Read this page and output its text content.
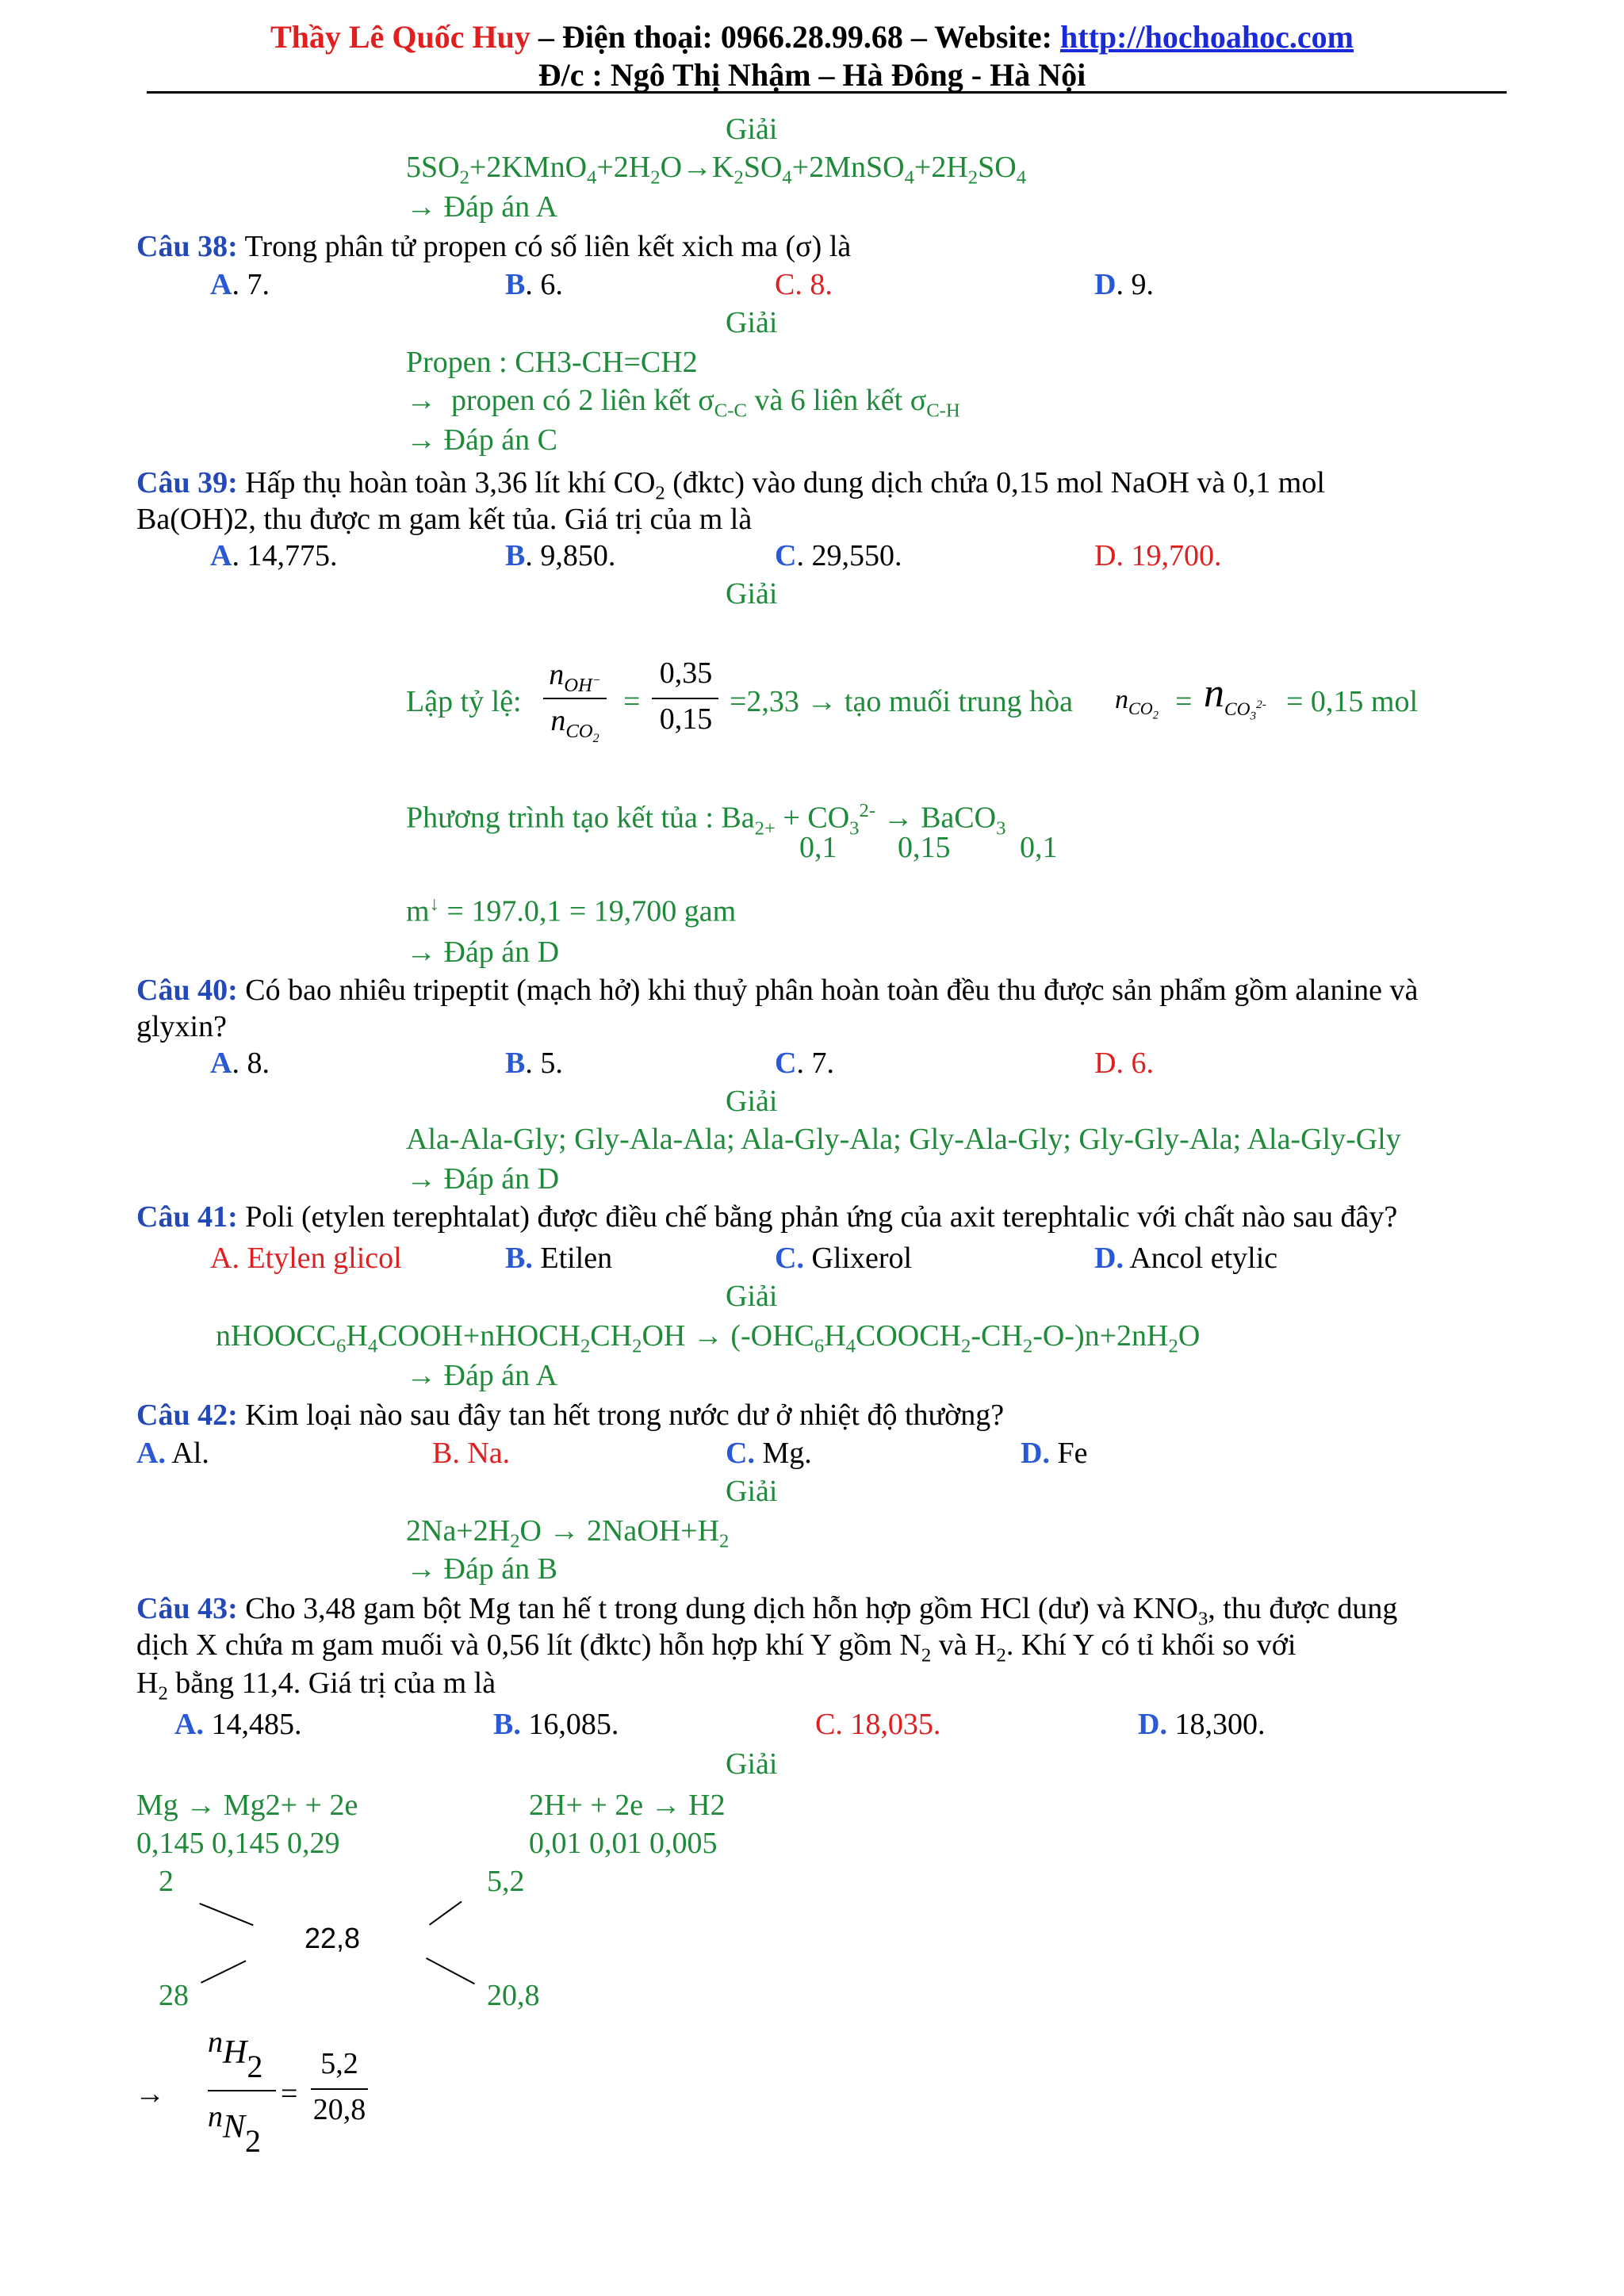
Thầy Lê Quốc Huy – Điện thoại: 0966.28.99.68 – Website: http://hochoahoc.com
Đ/c : Ngô Thị Nhậm – Hà Đông - Hà Nội
Giải
$5SO_2+2KMnO_4+2H_2O\to K_2SO_4+2MnSO_4+2H_2SO_4$
→ Đáp án A
Câu 38: Trong phân tử propen có số liên kết xich ma (σ) là
A. 7.	B. 6.	C. 8.	D. 9.
Giải
Propen : CH3-CH=CH2
→  propen có 2 liên kết $\sigma_{C-C}$ và 6 liên kết $\sigma_{C-H}$
→ Đáp án C
Câu 39: Hấp thụ hoàn toàn 3,36 lít khí $CO_2$ (đktc) vào dung dịch chứa 0,15 mol NaOH và 0,1 mol
Ba(OH)2, thu được m gam kết tủa. Giá trị của m là
A. 14,775.	B. 9,850.	C. 29,550.	D. 19,700.
Giải
Lập tỷ lệ:
$n_{OH^-}$
$n_{CO_2}$
=
0,35
0,15
=2,33 → tạo muối trung hòa $n_{CO_2} = n_{CO_3^{2-}} = 0,15$ mol
Phương trình tạo kết tủa : $Ba_{2+} + CO_3^{2-}$ → BaCO$_3$
0,1 0,15 0,1
m↓ = 197.0,1 = 19,700 gam
→ Đáp án D
Câu 40: Có bao nhiêu tripeptit (mạch hở) khi thuỷ phân hoàn toàn đều thu được sản phẩm gồm alanine và
glyxin?
A. 8.	B. 5.	C. 7.	D. 6.
Giải
Ala-Ala-Gly; Gly-Ala-Ala; Ala-Gly-Ala; Gly-Ala-Gly; Gly-Gly-Ala; Ala-Gly-Gly
→ Đáp án D
Câu 41: Poli (etylen terephtalat) được điều chế bằng phản ứng của axit terephtalic với chất nào sau đây?
A. Etylen glicol	B. Etilen	C. Glixerol	D. Ancol etylic
Giải
$nHOOCC_6H_4COOH+nHOCH_2CH_2OH$ → $(-OHC_6H_4COOCH_2-CH_2-O-)n+2nH_2O$
→ Đáp án A
Câu 42: Kim loại nào sau đây tan hết trong nước dư ở nhiệt độ thường?
A. Al.	B. Na.	C. Mg.	D. Fe
Giải
$2Na+2H_2O$ → $2NaOH+H_2$
→ Đáp án B
Câu 43: Cho 3,48 gam bột Mg tan hế t trong dung dịch hỗn hợp gồm HCl (dư) và $KNO_3$, thu được dung
dịch X chứa m gam muối và 0,56 lít (đktc) hỗn hợp khí Y gồm $N_2$ và $H_2$. Khí Y có tỉ khối so với
$H_2$ bằng 11,4. Giá trị của m là
A. 14,485.	B. 16,085.	C. 18,035.	D. 18,300.
Giải
Mg → Mg2+ + 2e	2H+ + 2e → H2
0,145 0,145 0,29	0,01 0,01 0,005
2	5,2
22,8
28	20,8
→
nH2
nN2
=
5,2
20,8
